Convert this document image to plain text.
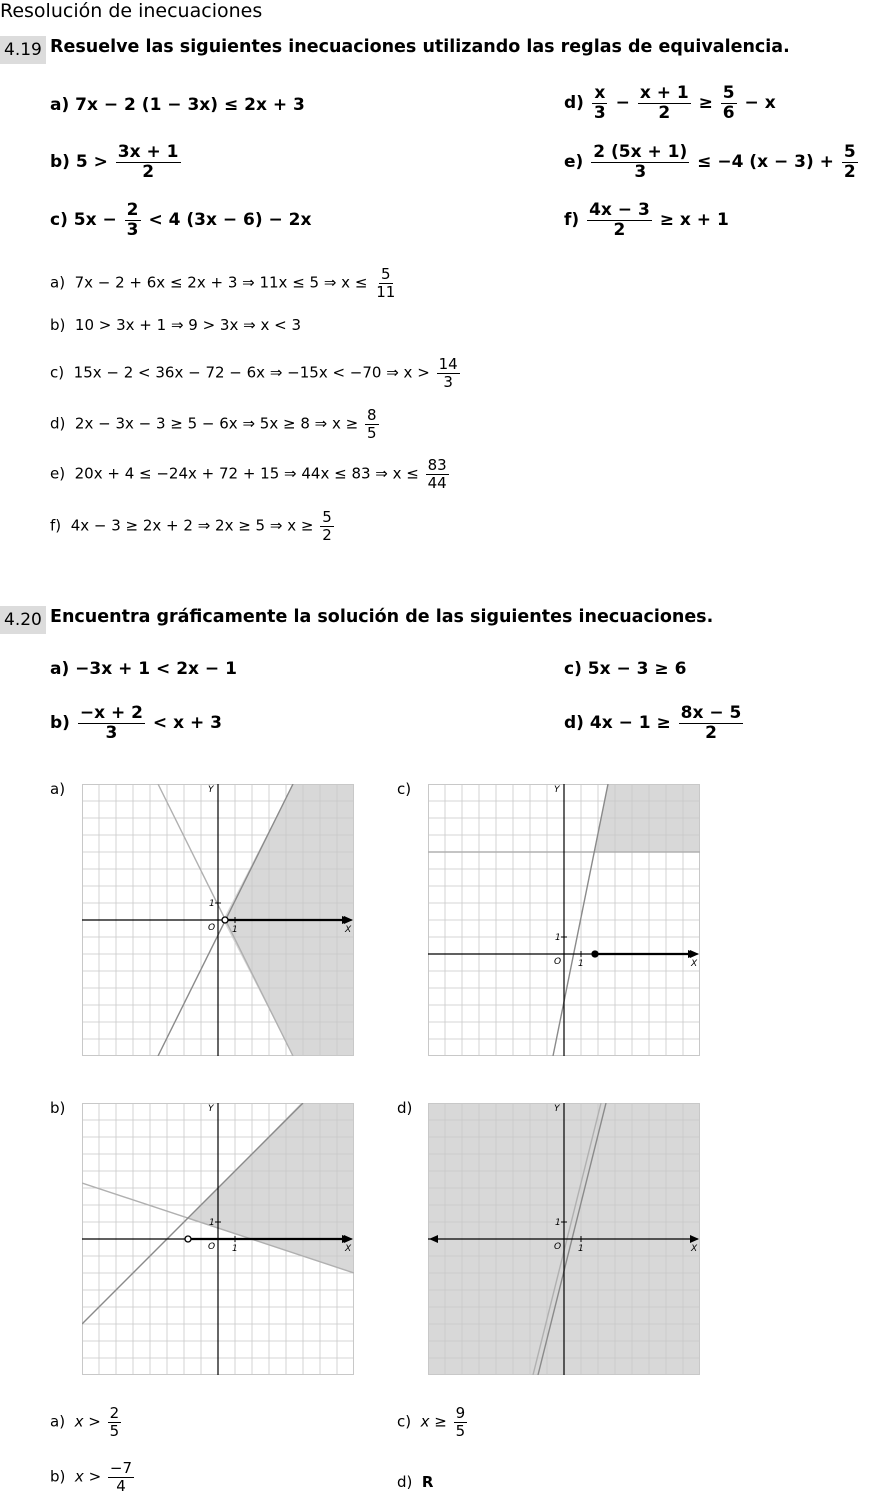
Resolución de inecuaciones
4.19 Resuelve las siguientes inecuaciones utilizando las reglas de equivalencia.
a) 7x − 2 (1 − 3x) ≤ 2x + 3
b) $5 > \frac{3x + 1}{2}$
c) $5x - \frac{2}{3} < 4$ (3x − 6) − 2x
$d) \frac{x}{3} - \frac{x + 1}{2} \ge \frac{5}{6} - x$
$e) \frac{2 (5x + 1)}{3} \le -4$ $(x - 3) + \frac{5}{2}$
$f) \frac{4x - 3}{2} \ge x + 1$
a) 7x − 2 + 6x ≤ 2x + 3 ⇒ 11x ≤ 5 ⇒ $x \le \frac{5}{11}$
b) 10 > 3x + 1 ⇒ 9 > 3x ⇒ x < 3
c) 15x − 2 < 36x − 72 − 6x ⇒ −15x < −70 ⇒ $x > \frac{14}{3}$
d) 2x − 3x − 3 ≥ 5 − 6x ⇒ 5x ≥ 8 ⇒ $x \ge \frac{8}{5}$
e) 20x + 4 ≤ −24x + 72 + 15 ⇒ 44x ≤ 83 ⇒ $x \le \frac{83}{44}$
f) 4x − 3 ≥ 2x + 2 ⇒ 2x ≥ 5 ⇒ $x \ge \frac{5}{2}$
4.20 Encuentra gráficamente la solución de las siguientes inecuaciones.
a) −3x + 1 < 2x − 1
$b) \frac{-x + 2}{3} < x + 3$
c) 5x − 3 ≥ 6
d) $4x - 1 \ge \frac{8x - 5}{2}$
a)	c)
b)	d)
X
Y
O 1
1
X
Y
O 1
1
X
Y
O 1
1
X
Y
O 1
1
a) $x > \frac{2}{5}$
b) $x > \frac{-7}{4}$
c) $x \ge \frac{9}{5}$
d) R
